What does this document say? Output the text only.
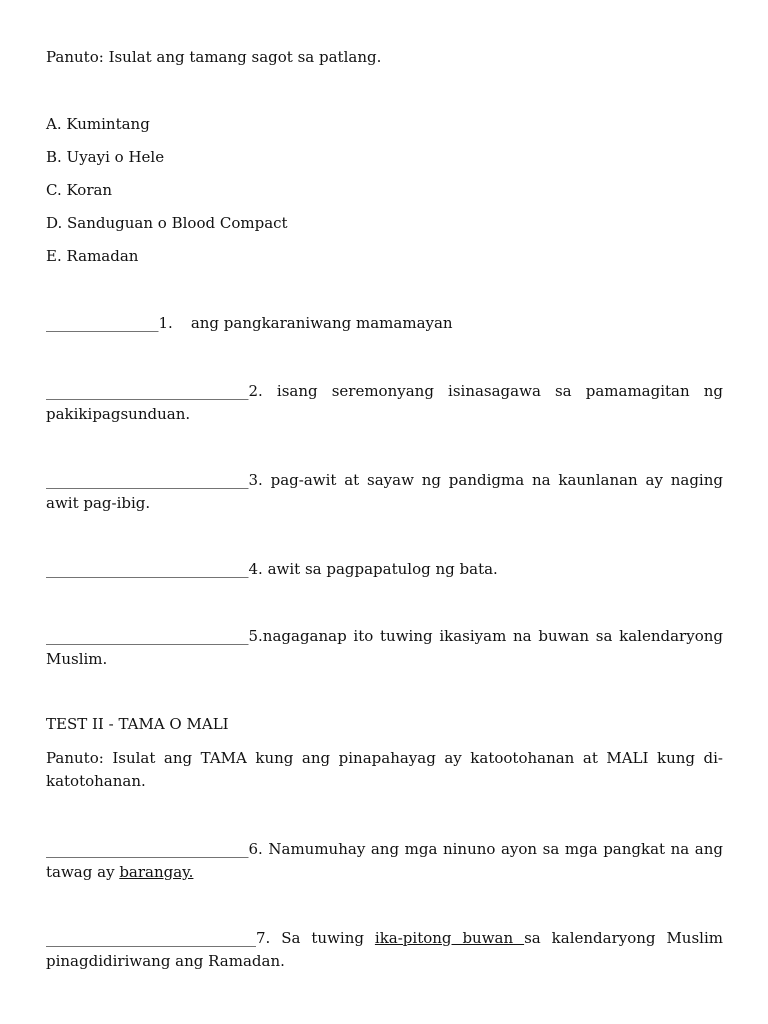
Panuto: Isulat ang tamang sagot sa patlang.
A. Kumintang
B. Uyayi o Hele
C. Koran
D. Sanduguan o Blood Compact
E. Ramadan
_______________1. ang pangkaraniwang mamamayan
___________________________2. isang seremonyang isinasagawa sa pamamagitan ng pakikipagsunduan.
___________________________3. pag-awit at sayaw ng pandigma na kaunlanan ay naging awit pag-ibig.
___________________________4. awit sa pagpapatulog ng bata.
___________________________5.nagaganap ito tuwing ikasiyam na buwan sa kalendaryong Muslim.
TEST II - TAMA O MALI
Panuto: Isulat ang TAMA kung ang pinapahayag ay katootohanan at MALI kung di-katotohanan.
___________________________6. Namumuhay ang mga ninuno ayon sa mga pangkat na ang tawag ay barangay.
____________________________7. Sa tuwing ika-pitong buwan sa kalendaryong Muslim pinagdidiriwang ang Ramadan.
